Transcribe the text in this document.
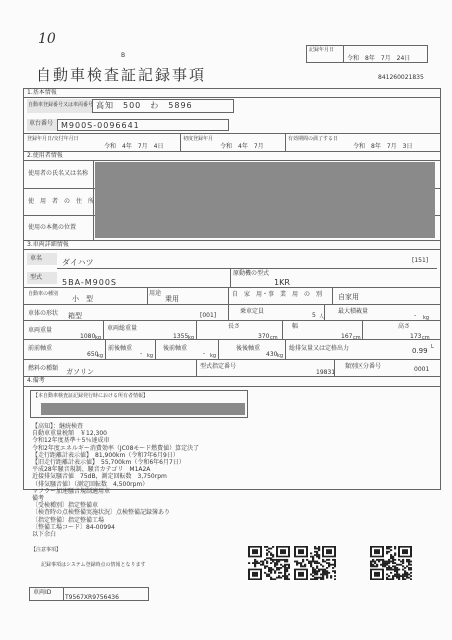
10
B
記録年月日
令和　8年　7月　24日
自動車検査証記録事項	841260021835
1.基本情報
自動車登録番号又は車両番号 高知　500　わ　5896
車台番号 M900S-0096641
登録年月日/交付年月日
令和　4年　7月　4日
初度登録年月
令和　4年　7月
有効期間の満了する日
令和　8年　7月　3日
2.使用者情報
使用者の氏名又は名称
使　用　者　の　住　所
使用の本拠の位置
3.車両詳細情報
車名 ダイハツ	[151]
型式
5BA-M900S
原動機の型式
1KR
自動車の種別
小　型
用途
乗用
自　家　用・事　業　用　の　別 自家用
車体の形状 箱型	[001]
乗車定員
5 人
最大積載量
- kg
車両重量
1080 kg
車両総重量
1355 kg
長さ
370 cm
幅
167 cm
高さ
173 cm
前前軸重
650
kg
前後軸重
- kg
後前軸重
- kg
後後軸重
430 kg
総排気量又は定格出力	0.99 L
燃料の種類 ガソリン
型式指定番号
19831
類別区分番号	0001
4.備考
【本自動車検査証記録発行時における所有者情報】
【高知】：継続検査
自動車重量税額　￥12,300
令和12年度基準＋5％達成車
令和2年度エネルギー消費効率（JC08モード燃費値）算定決了
【走行距離計表示値】　81,900km（令和7年6月9日）
【旧走行距離計表示値】　55,700km（令和6年6月7日）
平成28年騒音規制、騒音カテゴリ　M1A2A
近接排気騒音値　75dB，測定回転数　3,750rpm
（排気騒音値）（測定回転数　4,500rpm）
マフラー加速騒音規制適用車
備考
〔受検種別〕指定整備車
〔検査時の点検整備実施状況〕点検整備記録簿あり
〔指定整備〕指定整備工場
〔整備工場コード〕84-00994
以下余白
【注意事項】
記録事項はシステム登録時点の情報となります
車両ID
T9567XR9756436
